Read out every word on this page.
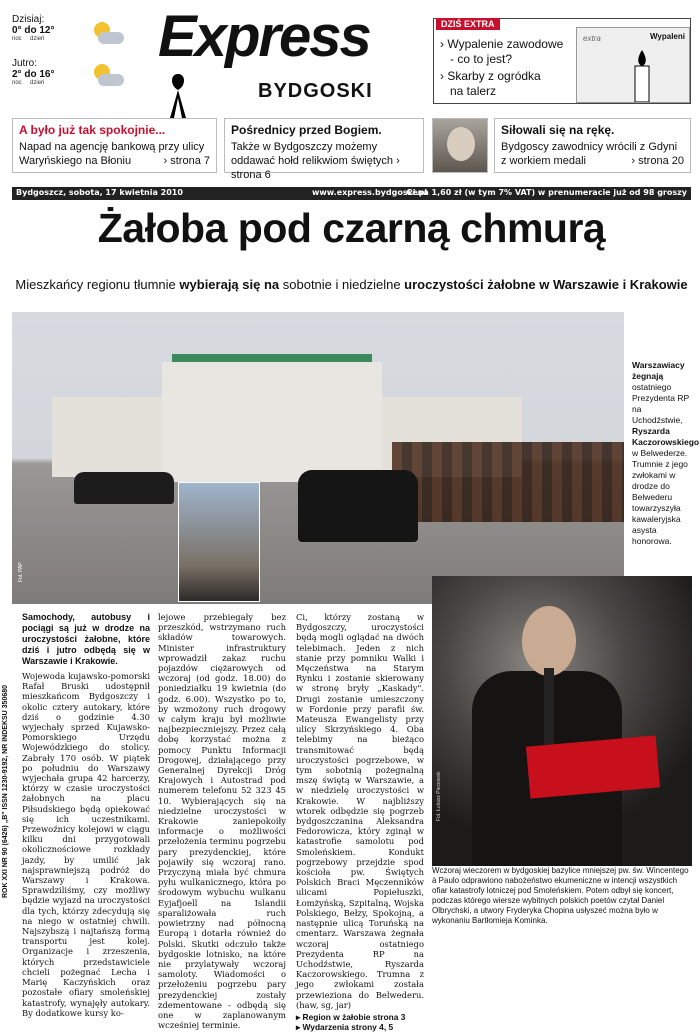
Dzisiaj:
0° do 12°
noc dzień
Jutro:
2° do 16°
noc dzień
Express
BYDGOSKI
DZIŚ EXTRA
› Wypalenie zawodowe
- co to jest?
› Skarby z ogródka
na talerz
extra	Wypaleni
A było już tak spokojnie...
Napad na agencję bankową przy ulicy Waryńskiego na Błoniu	› strona 7
Pośrednicy przed Bogiem.
Także w Bydgoszczy możemy oddawać hołd relikwiom świętych › strona 6
Siłowali się na rękę.
Bydgoscy zawodnicy wrócili z Gdyni z workiem medali	› strona 20
Bydgoszcz, sobota, 17 kwietnia 2010	www.express.bydgoski.pl
Cena 1,60 zł (w tym 7% VAT) w prenumeracie już od 98 groszy
Żałoba pod czarną chmurą
Mieszkańcy regionu tłumnie wybierają się na sobotnie i niedzielne uroczystości żałobne w Warszawie i Krakowie
Fot. PAP
Warszawiacy żegnają ostatniego Prezydenta RP na Uchodźstwie, Ryszarda Kaczorowskiego w Belwederze. Trumnie z jego zwłokami w drodze do Belwederu towarzyszyła kawaleryjska asysta honorowa.
ROK XXI NR 90 (6426) „B" ISSN 1230-9192, NR INDEKSU 350680
Samochody, autobusy i pociągi są już w drodze na uroczystości żałobne, które dziś i jutro odbędą się w Warszawie i Krakowie.
Wojewoda kujawsko-pomorski Rafał Bruski udostępnił mieszkańcom Bydgoszczy i okolic cztery autokary, które dziś o godzinie 4.30 wyjechały sprzed Kujawsko-Pomorskiego Urzędu Wojewódzkiego do stolicy. Zabrały 170 osób. W piątek po południu do Warszawy wyjechała grupa 42 harcerzy, którzy w czasie uroczystości żałobnych na placu Piłsudskiego będą opiekować się ich uczestnikami. Przewoźnicy kolejowi w ciągu kilku dni przygotowali okolicznościowe rozkłady jazdy, by umilić jak najsprawniejszą podróż do Warszawy i Krakowa. Sprawdziliśmy, czy możliwy będzie wyjazd na uroczystości dla tych, którzy zdecydują się na niego w ostatniej chwili. Najszybszą i najtańszą formą transportu jest kolej. Organizacje i zrzeszenia, których przedstawiciele chcieli pożegnać Lecha i Marię Kaczyńskich oraz pozostałe ofiary smoleńskiej katastrofy, wynajęły autokary. By dodatkowe kursy ko-
lejowe przebiegały bez przeszkód, wstrzymano ruch składów towarowych. Minister infrastruktury wprowadził zakaz ruchu pojazdów ciężarowych od wczoraj (od godz. 18.00) do poniedziałku 19 kwietnia (do godz. 6.00). Wszystko po to, by wzmożony ruch drogowy w całym kraju był możliwie najbezpieczniejszy. Przez całą dobę korzystać można z pomocy Punktu Informacji Drogowej, działającego przy Generalnej Dyrekcji Dróg Krajowych i Autostrad pod numerem telefonu 52 323 45 10. Wybierających się na niedzielne uroczystości w Krakowie zaniepokoiły informacje o możliwości przełożenia terminu pogrzebu pary prezydenckiej, które pojawiły się wczoraj rano. Przyczyną miała być chmura pyłu wulkanicznego, która po środowym wybuchu wulkanu Eyjafjoell na Islandii sparaliżowała ruch powietrzny nad północną Europą i dotarła również do Polski. Skutki odczuło także bydgoskie lotnisko, na które nie przylatywały wczoraj samoloty. Wiadomości o przełożeniu pogrzebu pary prezydenckiej zostały zdementowane - odbędą się one w zaplanowanym wcześniej terminie.
Ci, którzy zostaną w Bydgoszczy, uroczystości będą mogli oglądać na dwóch telebimach. Jeden z nich stanie przy pomniku Walki i Męczeństwa na Starym Rynku i zostanie skierowany w stronę bryły „Kaskady". Drugi zostanie umieszczony w Fordonie przy parafii św. Mateusza Ewangelisty przy ulicy Skrzyńskiego 4. Oba telebimy na bieżąco transmitować będą uroczystości pogrzebowe, w tym sobotnią pożegnalną mszę świętą w Warszawie, a w niedzielę uroczystości w Krakowie. W najbliższy wtorek odbędzie się pogrzeb bydgoszczanina Aleksandra Fedorowicza, który zginął w katastrofie samolotu pod Smoleńskiem. Kondukt pogrzebowy przejdzie spod kościoła pw. Świętych Polskich Braci Męczenników ulicami Popiełuszki, Łomżyńską, Szpitalną, Wojska Polskiego, Bełzy, Spokojną, a następnie ulicą Toruńską na cmentarz. Warszawa żegnała wczoraj ostatniego Prezydenta RP na Uchodźstwie, Ryszarda Kaczorowskiego. Trumna z jego zwłokami została przewieziona do Belwederu.(haw, sg, jar)
▸ Region w żałobie strona 3
▸ Wydarzenia strony 4, 5
Fot. Łukasz Piecewski
Wczoraj wieczorem w bydgoskiej bazylice mniejszej pw. św. Wincentego à Paulo odprawiono nabożeństwo ekumeniczne w intencji wszystkich ofiar katastrofy lotniczej pod Smoleńskiem. Potem odbył się koncert, podczas którego wiersze wybitnych polskich poetów czytał Daniel Olbrychski, a utwory Fryderyka Chopina usłyszeć można było w wykonaniu Bartłomieja Kominka.
